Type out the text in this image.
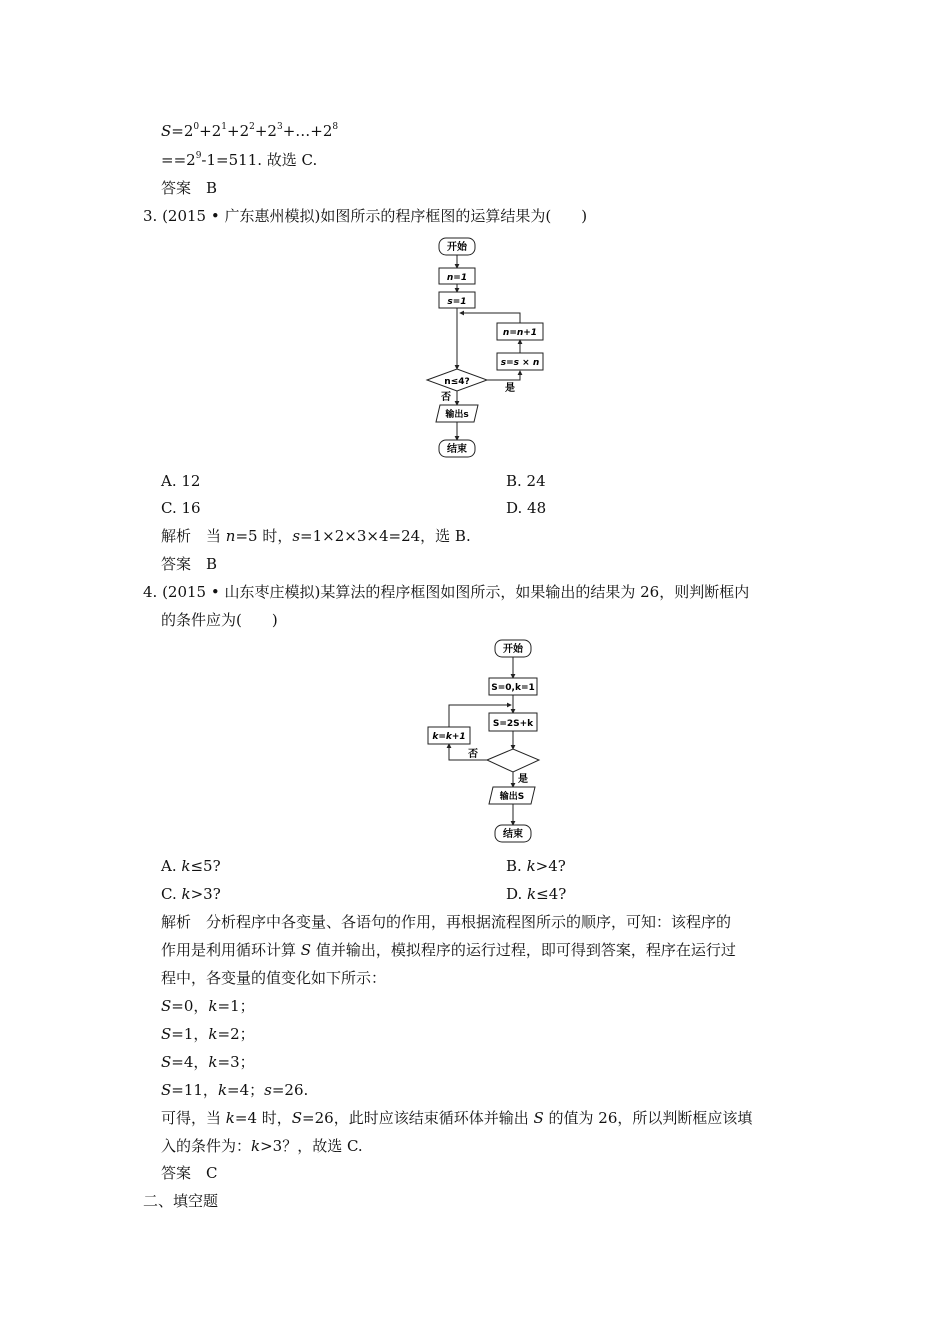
$S=2^0+2^1+2^2+2^3+\dots+2^8$
$==2^9-1=511$. 故选 C.
答案　B
3. (2015 • 广东惠州模拟)如图所示的程序框图的运算结果为(　　)
开始
n=1
s=1
n=n+1
s=s × n
n≤4?
是
否
输出s
结束
A. 12	B. 24
C. 16	D. 48
解析　当 n=5 时，s=1×2×3×4=24，选 B.
答案　B
4. (2015 • 山东枣庄模拟)某算法的程序框图如图所示，如果输出的结果为 26，则判断框内
的条件应为(　　)
开始
S=0,k=1
S=2S+k
k=k+1
否
是
输出S
结束
A. k≤5?	B. k>4?
C. k>3?	D. k≤4?
解析　分析程序中各变量、各语句的作用，再根据流程图所示的顺序，可知：该程序的
作用是利用循环计算 S 值并输出，模拟程序的运行过程，即可得到答案，程序在运行过
程中，各变量的值变化如下所示：
S=0，k=1；
S=1，k=2；
S=4，k=3；
S=11，k=4；s=26.
可得，当 k=4 时，S=26，此时应该结束循环体并输出 S 的值为 26，所以判断框应该填
入的条件为：k>3？，故选 C.
答案　C
二、填空题
